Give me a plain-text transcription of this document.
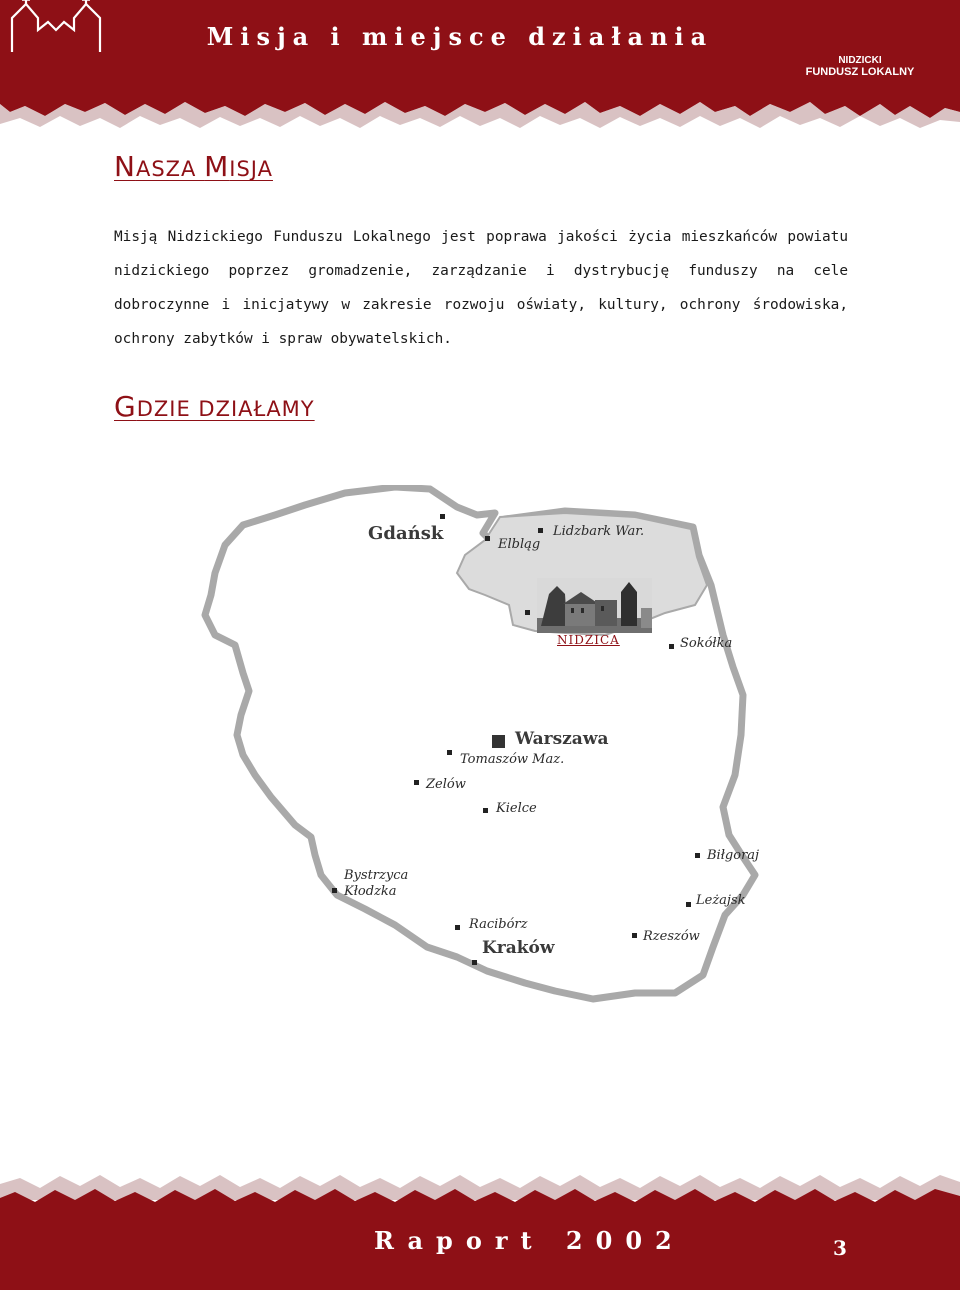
Misja i miejsce działania
NIDZICKI
FUNDUSZ LOKALNY
NASZA MISJA

Misją Nidzickiego Funduszu Lokalnego jest poprawa jakości życia mieszkańców powiatu nidzickiego poprzez gromadzenie, zarządzanie i dystrybucję funduszy na cele dobroczynne i inicjatywy w zakresie rozwoju oświaty, kultury, ochrony środowiska, ochrony zabytków i spraw obywatelskich.

GDZIE DZIAŁAMY
Gdańsk
Elbląg
Lidzbark War.
NIDZICA	Sokółka
Warszawa
Tomaszów Maz.
Zelów
Kielce
Biłgoraj
Bystrzyca
Kłodzka
Leżajsk
Racibórz
Rzeszów
Kraków
Raport 2002	3
